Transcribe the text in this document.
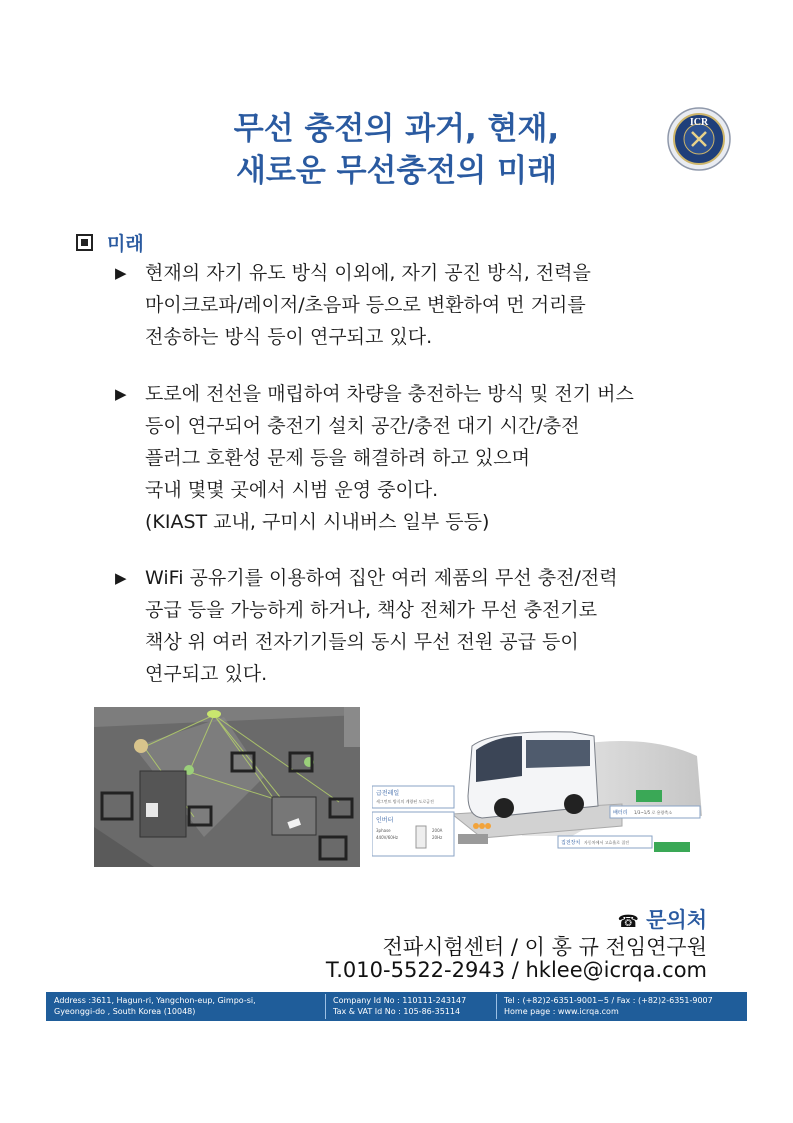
무선 충전의 과거, 현재,
새로운 무선충전의 미래
ICR
미래
▶ 현재의 자기 유도 방식 이외에, 자기 공진 방식, 전력을
마이크로파/레이저/초음파 등으로 변환하여 먼 거리를
전송하는 방식 등이 연구되고 있다.
▶ 도로에 전선을 매립하여 차량을 충전하는 방식 및 전기 버스
등이 연구되어 충전기 설치 공간/충전 대기 시간/충전
플러그 호환성 문제 등을 해결하려 하고 있으며
국내 몇몇 곳에서 시범 운영 중이다.
(KIAST 교내, 구미시 시내버스 일부 등등)
▶ WiFi 공유기를 이용하여 집안 여러 제품의 무선 충전/전력
공급 등을 가능하게 하거나, 책상 전체가 무선 충전기로
책상 위 여러 전자기기들의 동시 무선 전원 공급 등이
연구되고 있다.
급전레일
세그먼트 방식의 계량된 도로급전
인버터
3phase
440V/60Hz
200A
20Hz
배터리 1/3~1/5 로 용량축소
집전장치 자동차에서 고효율로 집전
☎ 문의처
전파시험센터 / 이 홍 규 전임연구원
T.010-5522-2943 / hklee@icrqa.com
Address :3611, Hagun-ri, Yangchon-eup, Gimpo-si,
Gyeonggi-do , South Korea (10048)
Company Id No : 110111-243147
Tax & VAT Id No : 105-86-35114
Tel : (+82)2-6351-9001~5 / Fax : (+82)2-6351-9007
Home page : www.icrqa.com
